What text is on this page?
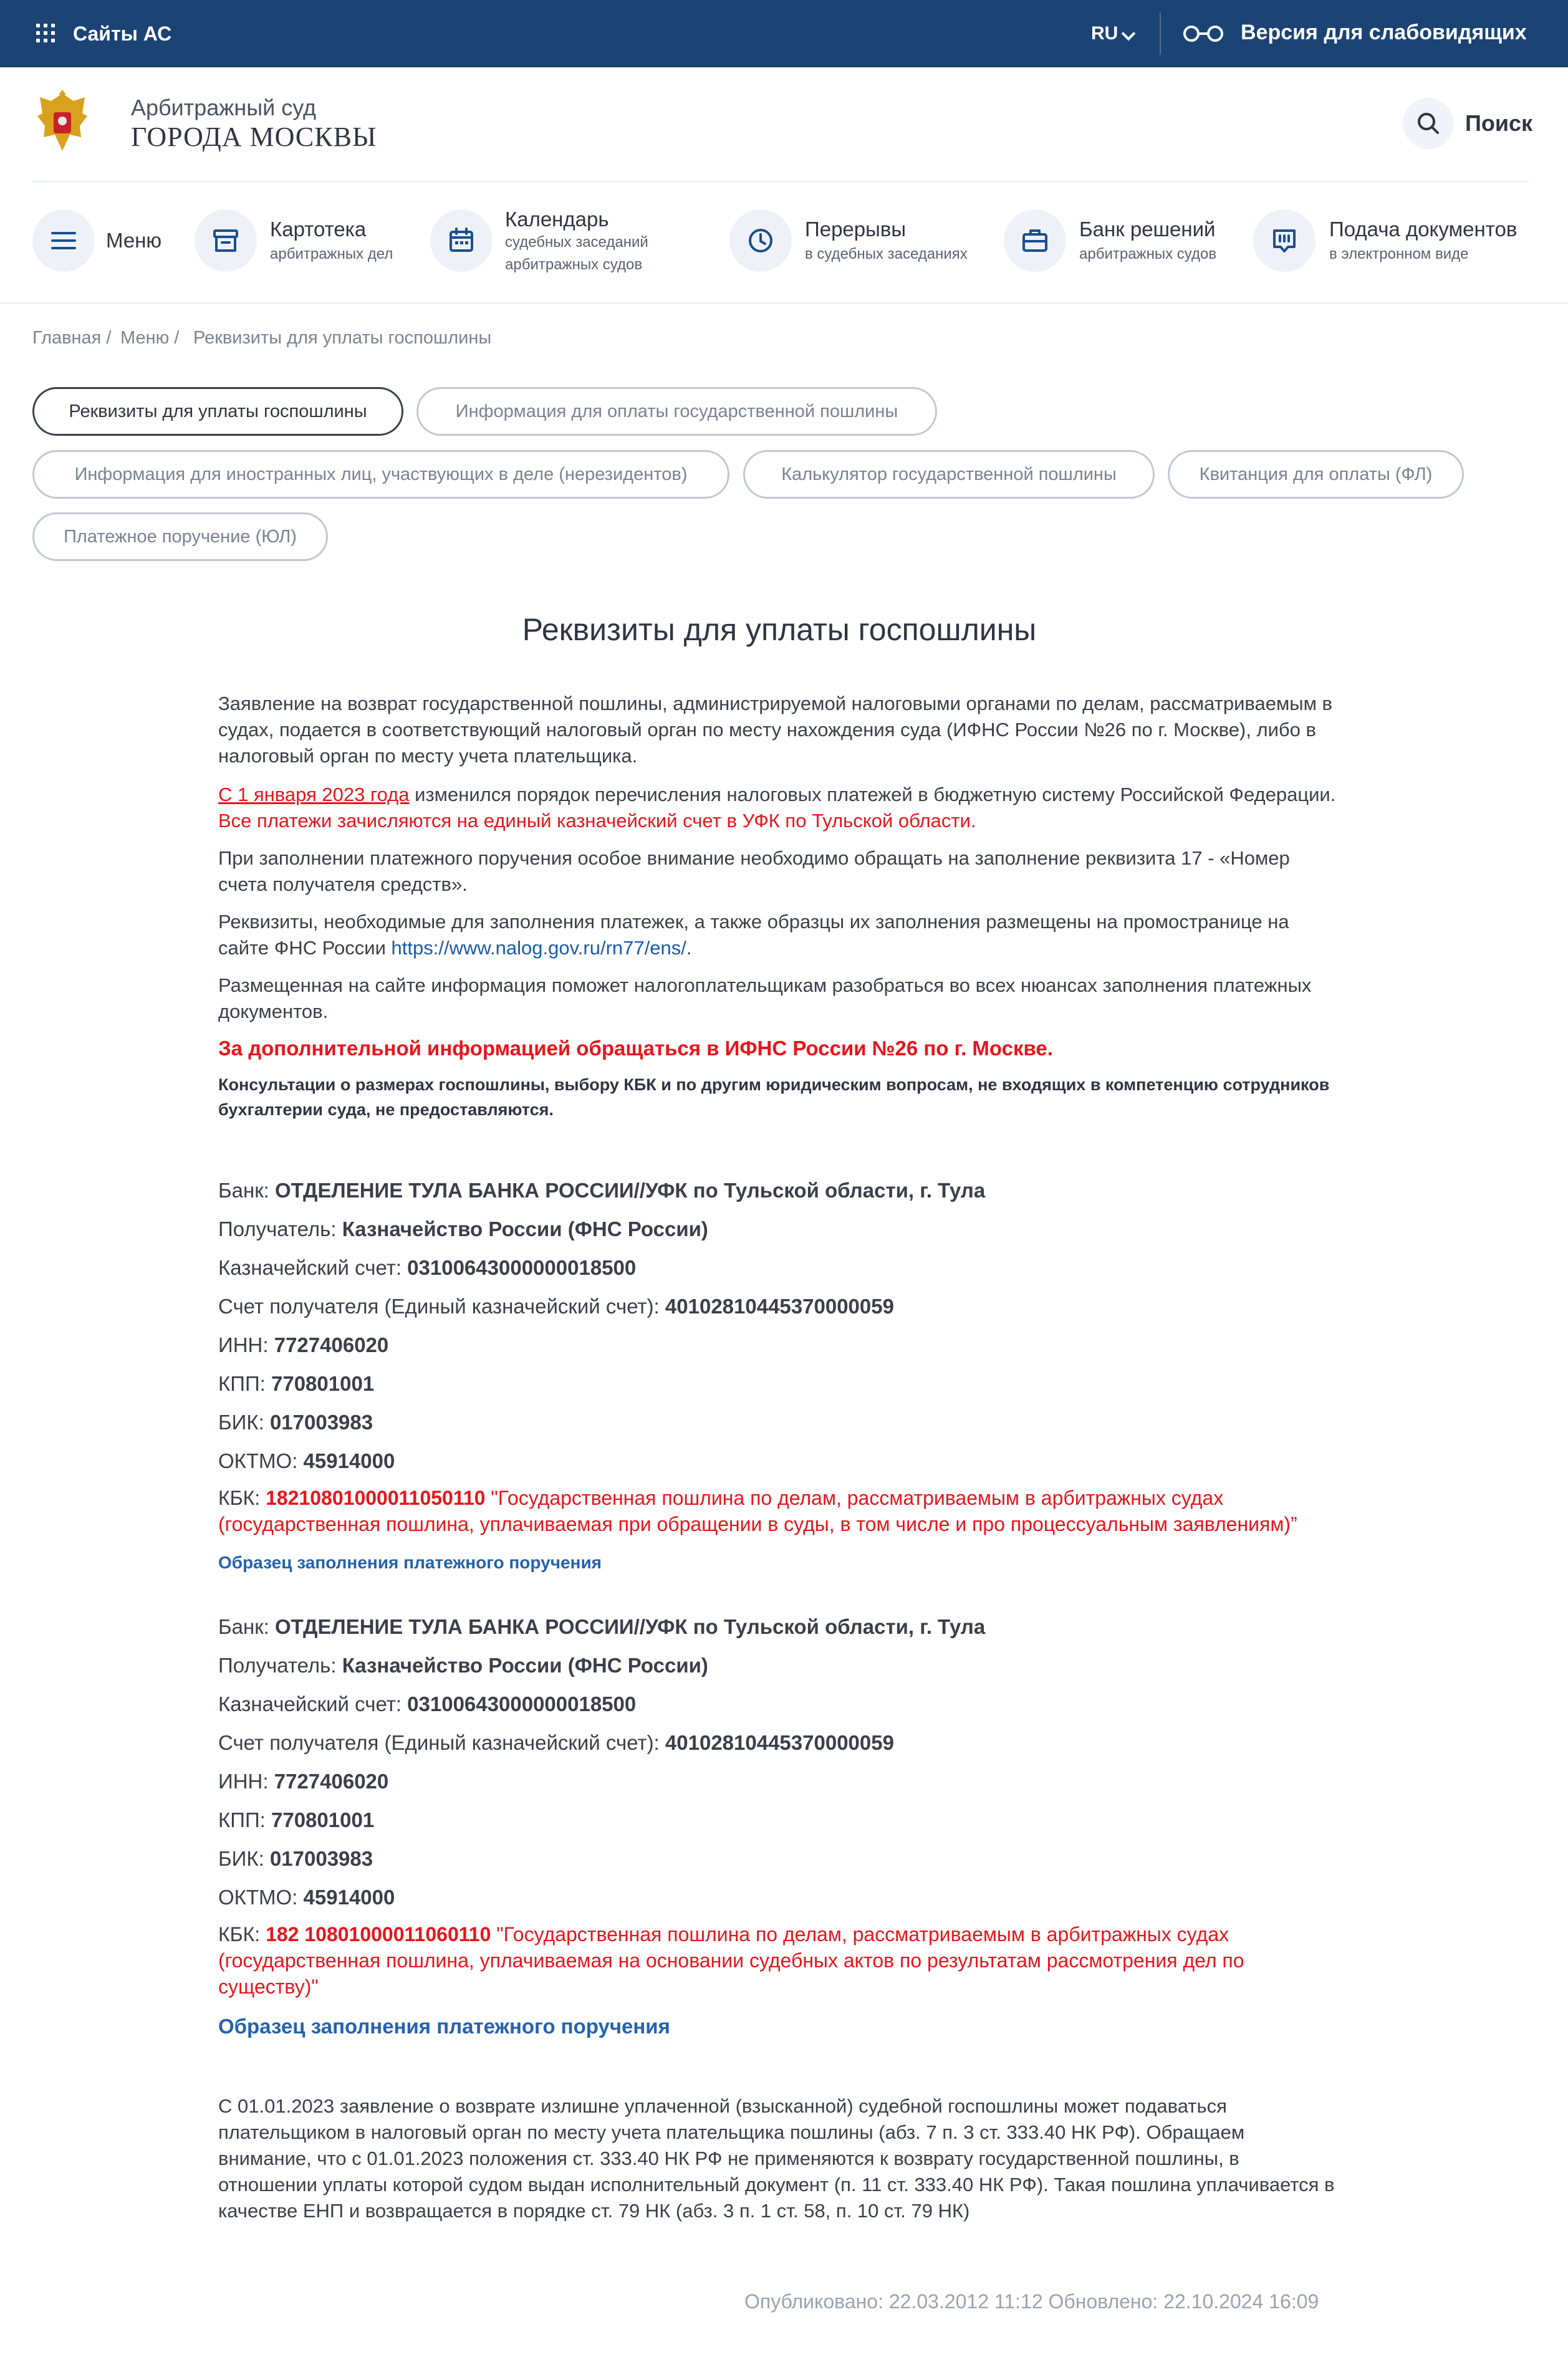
Сайты АС	RU	Версия для слабовидящих
Арбитражный суд
ГОРОДА МОСКВЫ	Поиск
Меню	Картотека
арбитражных дел
Календарь
судебных заседаний
арбитражных судов
Перерывы
в судебных заседаниях
Банк решений
арбитражных судов
Подача документов
в электронном виде
Главная / Меню / Реквизиты для уплаты госпошлины
Реквизиты для уплаты госпошлины	Информация для оплаты государственной пошлины
Информация для иностранных лиц, участвующих в деле (нерезидентов)	Калькулятор государственной пошлины	Квитанция для оплаты (ФЛ)
Платежное поручение (ЮЛ)
Реквизиты для уплаты госпошлины

Заявление на возврат государственной пошлины, администрируемой налоговыми органами по делам, рассматриваемым в судах, подается в соответствующий налоговый орган по месту нахождения суда (ИФНС России №26 по г. Москве), либо в налоговый орган по месту учета плательщика.

С 1 января 2023 года изменился порядок перечисления налоговых платежей в бюджетную систему Российской Федерации. Все платежи зачисляются на единый казначейский счет в УФК по Тульской области.

При заполнении платежного поручения особое внимание необходимо обращать на заполнение реквизита 17 - «Номер счета получателя средств».

Реквизиты, необходимые для заполнения платежек, а также образцы их заполнения размещены на промостранице на сайте ФНС России https://www.nalog.gov.ru/rn77/ens/.

Размещенная на сайте информация поможет налогоплательщикам разобраться во всех нюансах заполнения платежных документов.

За дополнительной информацией обращаться в ИФНС России №26 по г. Москве.

Консультации о размерах госпошлины, выбору КБК и по другим юридическим вопросам, не входящих в компетенцию сотрудников бухгалтерии суда, не предоставляются.

Банк: ОТДЕЛЕНИЕ ТУЛА БАНКА РОССИИ//УФК по Тульской области, г. Тула

Получатель: Казначейство России (ФНС России)

Казначейский счет: 03100643000000018500

Счет получателя (Единый казначейский счет): 40102810445370000059

ИНН: 7727406020

КПП: 770801001

БИК: 017003983

ОКТМО: 45914000

КБК: 18210801000011050110 "Государственная пошлина по делам, рассматриваемым в арбитражных судах (государственная пошлина, уплачиваемая при обращении в суды, в том числе и про процессуальным заявлениям)”

Образец заполнения платежного поручения

Банк: ОТДЕЛЕНИЕ ТУЛА БАНКА РОССИИ//УФК по Тульской области, г. Тула

Получатель: Казначейство России (ФНС России)

Казначейский счет: 03100643000000018500

Счет получателя (Единый казначейский счет): 40102810445370000059

ИНН: 7727406020

КПП: 770801001

БИК: 017003983

ОКТМО: 45914000

КБК: 182 10801000011060110 "Государственная пошлина по делам, рассматриваемым в арбитражных судах (государственная пошлина, уплачиваемая на основании судебных актов по результатам рассмотрения дел по существу)"

Образец заполнения платежного поручения

С 01.01.2023 заявление о возврате излишне уплаченной (взысканной) судебной госпошлины может подаваться плательщиком в налоговый орган по месту учета плательщика пошлины (абз. 7 п. 3 ст. 333.40 НК РФ). Обращаем внимание, что с 01.01.2023 положения ст. 333.40 НК РФ не применяются к возврату государственной пошлины, в отношении уплаты которой судом выдан исполнительный документ (п. 11 ст. 333.40 НК РФ). Такая пошлина уплачивается в качестве ЕНП и возвращается в порядке ст. 79 НК (абз. 3 п. 1 ст. 58, п. 10 ст. 79 НК)

Опубликовано: 22.03.2012 11:12 Обновлено: 22.10.2024 16:09
